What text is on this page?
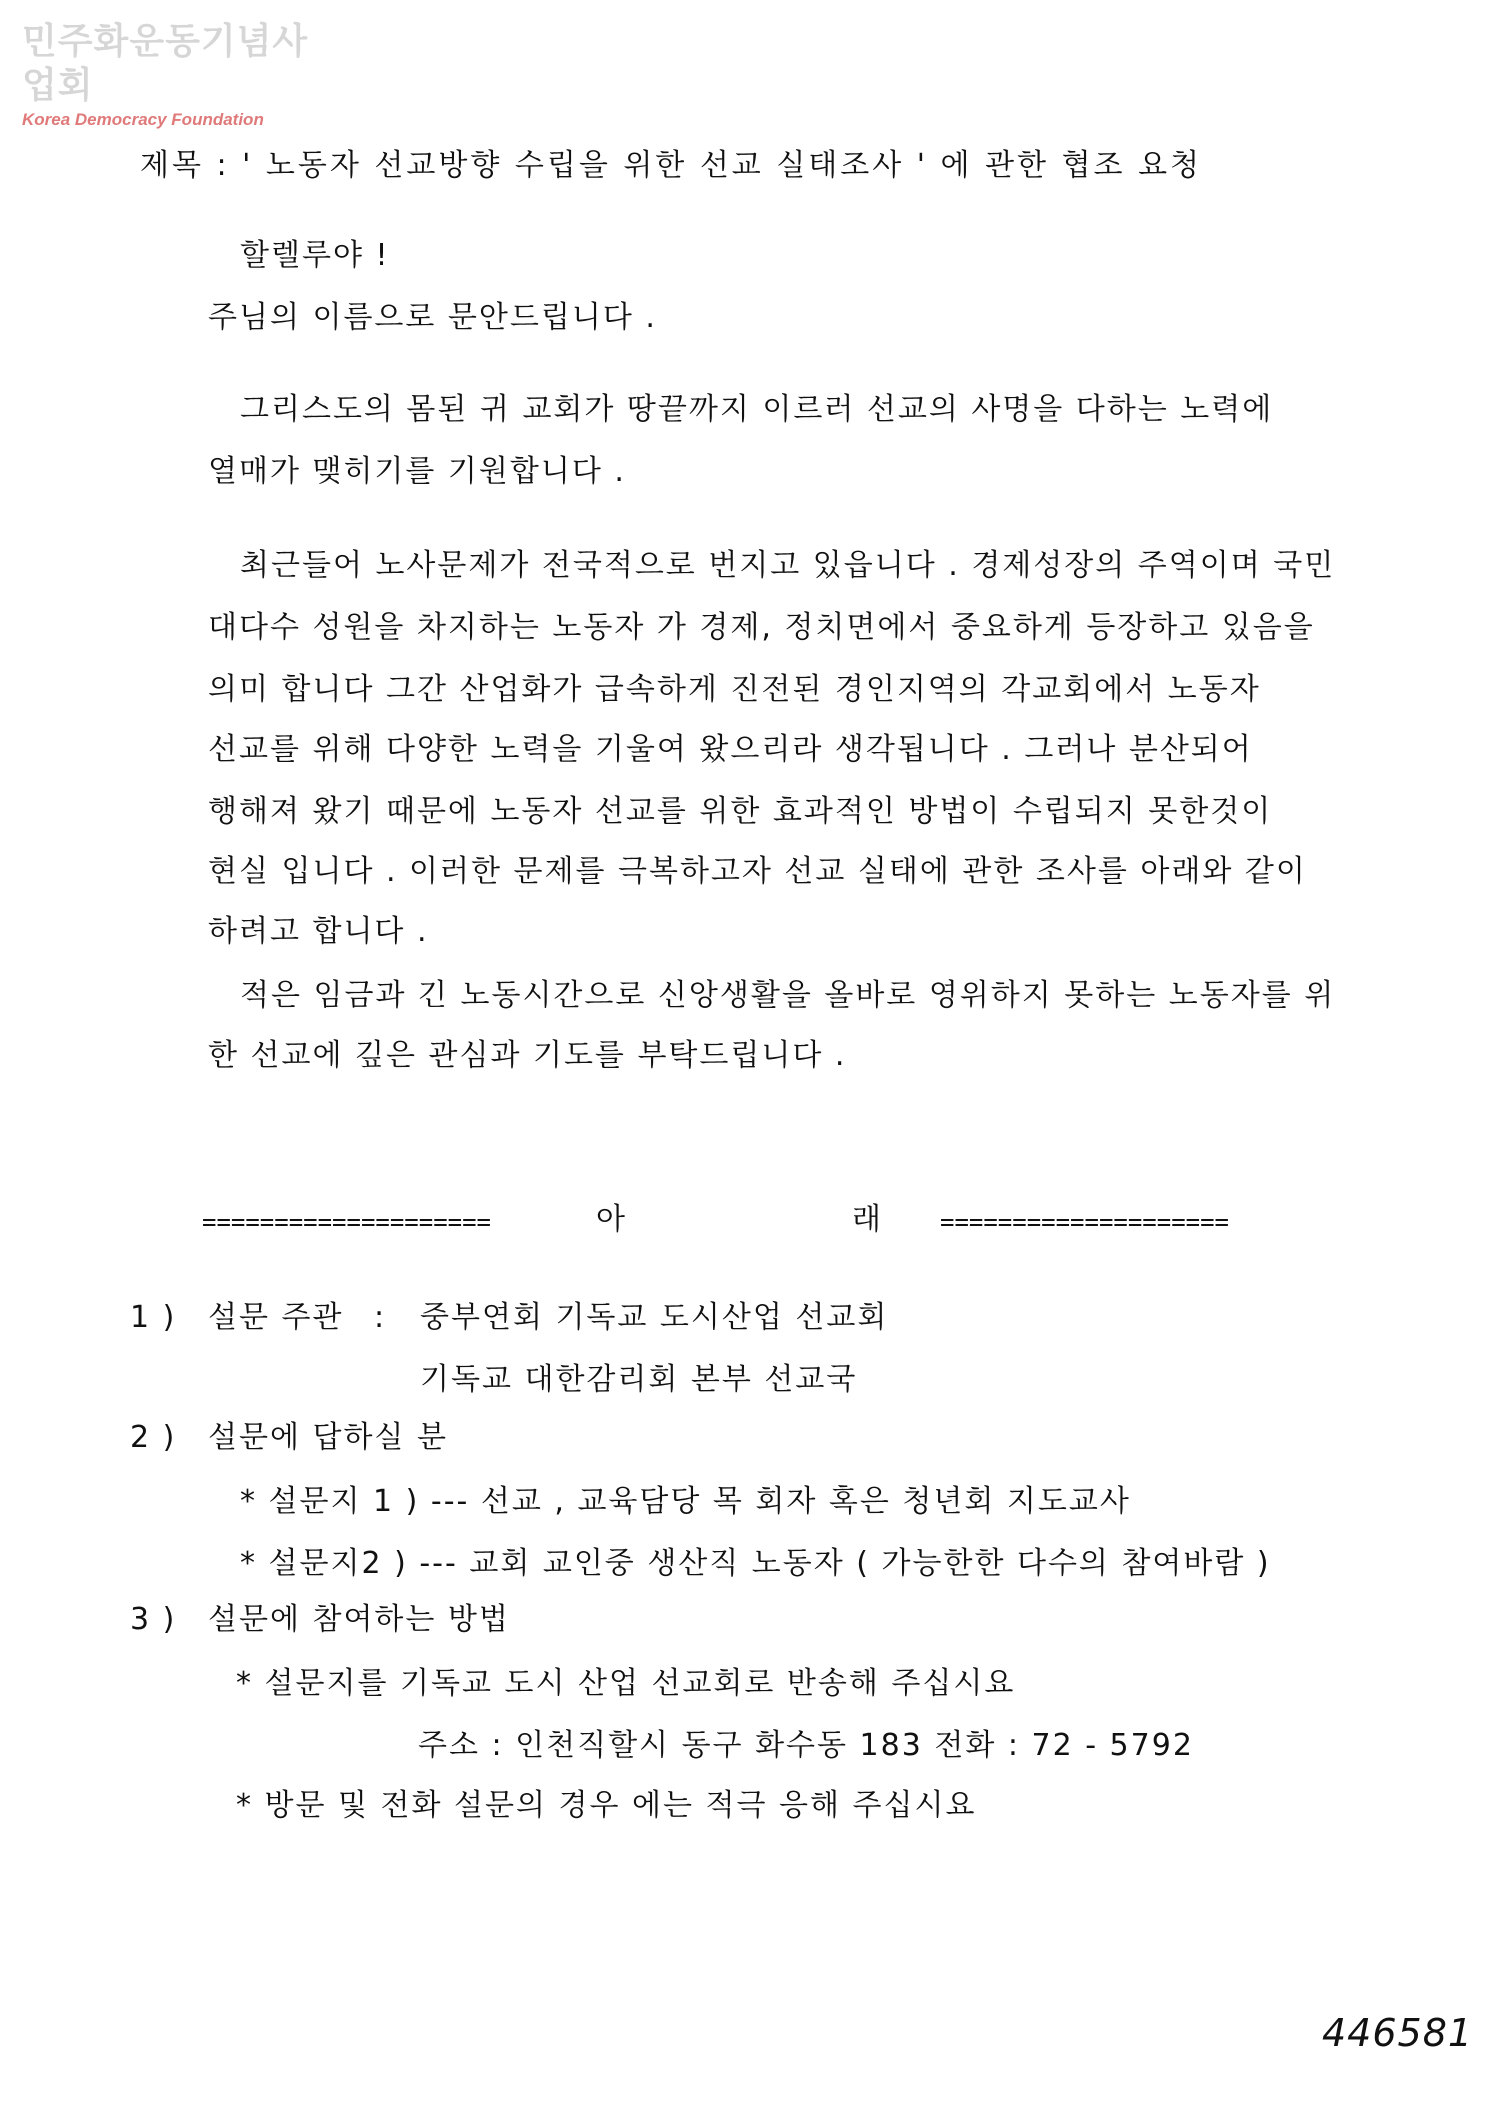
민주화운동기념사업회
Korea Democracy Foundation
제목 : ' 노동자 선교방향 수립을 위한 선교 실태조사 ' 에 관한 협조 요청
할렐루야 !
주님의 이름으로 문안드립니다 .
그리스도의 몸된 귀 교회가 땅끝까지 이르러 선교의 사명을 다하는 노력에
열매가 맺히기를 기원합니다 .
최근들어 노사문제가 전국적으로 번지고 있읍니다 . 경제성장의 주역이며 국민
대다수 성원을 차지하는 노동자 가 경제, 정치면에서 중요하게 등장하고 있음을
의미 합니다 그간 산업화가 급속하게 진전된 경인지역의 각교회에서 노동자
선교를 위해 다양한 노력을 기울여 왔으리라 생각됩니다 . 그러나 분산되어
행해져 왔기 때문에 노동자 선교를 위한 효과적인 방법이 수립되지 못한것이
현실 입니다 . 이러한 문제를 극복하고자 선교 실태에 관한 조사를 아래와 같이
하려고 합니다 .
적은 임금과 긴 노동시간으로 신앙생활을 올바로 영위하지 못하는 노동자를 위
한 선교에 깊은 관심과 기도를 부탁드립니다 .
====================	아	래 ====================
1 ) 설문 주관 : 중부연회 기독교 도시산업 선교회
기독교 대한감리회 본부 선교국
2 ) 설문에 답하실 분
* 설문지 1 ) --- 선교 , 교육담당 목 회자 혹은 청년회 지도교사
* 설문지2 ) --- 교회 교인중 생산직 노동자 ( 가능한한 다수의 참여바람 )
3 ) 설문에 참여하는 방법
* 설문지를 기독교 도시 산업 선교회로 반송해 주십시요
주소 : 인천직할시 동구 화수동 183 전화 : 72 - 5792
* 방문 및 전화 설문의 경우 에는 적극 응해 주십시요
446581
